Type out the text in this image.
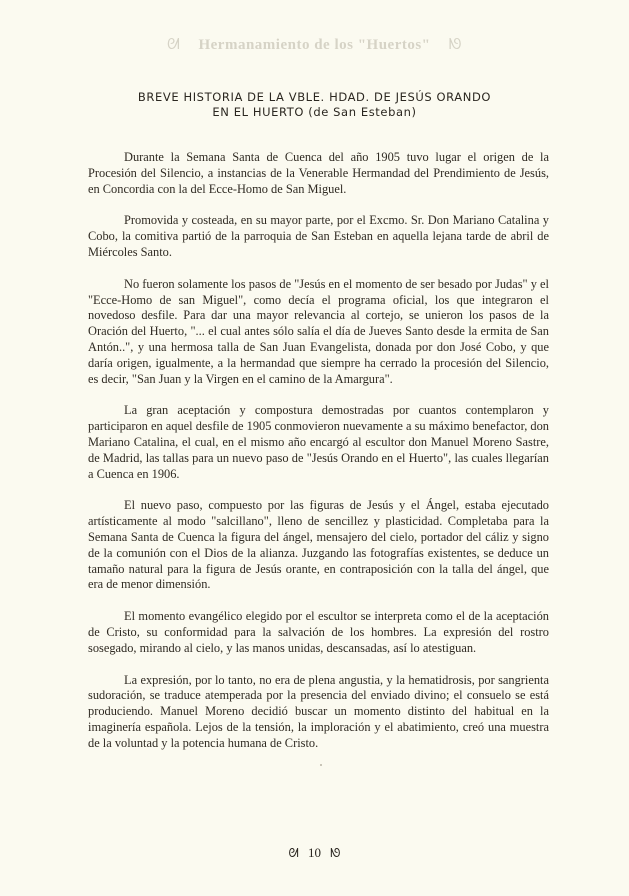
ᘛ Hermanamiento de los "Huertos" ᘚ
BREVE HISTORIA DE LA VBLE. HDAD. DE JESÚS ORANDO
EN EL HUERTO (de San Esteban)

Durante la Semana Santa de Cuenca del año 1905 tuvo lugar el origen de la Procesión del Silencio, a instancias de la Venerable Hermandad del Prendimiento de Jesús, en Concordia con la del Ecce-Homo de San Miguel.

Promovida y costeada, en su mayor parte, por el Excmo. Sr. Don Mariano Catalina y Cobo, la comitiva partió de la parroquia de San Esteban en aquella lejana tarde de abril de Miércoles Santo.

No fueron solamente los pasos de "Jesús en el momento de ser besado por Judas" y el "Ecce-Homo de san Miguel", como decía el programa oficial, los que integraron el novedoso desfile. Para dar una mayor relevancia al cortejo, se unieron los pasos de la Oración del Huerto, "... el cual antes sólo salía el día de Jueves Santo desde la ermita de San Antón..", y una hermosa talla de San Juan Evangelista, donada por don José Cobo, y que daría origen, igualmente, a la hermandad que siempre ha cerrado la procesión del Silencio, es decir, "San Juan y la Virgen en el camino de la Amargura".

La gran aceptación y compostura demostradas por cuantos contemplaron y participaron en aquel desfile de 1905 conmovieron nuevamente a su máximo benefactor, don Mariano Catalina, el cual, en el mismo año encargó al escultor don Manuel Moreno Sastre, de Madrid, las tallas para un nuevo paso de "Jesús Orando en el Huerto", las cuales llegarían a Cuenca en 1906.

El nuevo paso, compuesto por las figuras de Jesús y el Ángel, estaba ejecutado artísticamente al modo "salcillano", lleno de sencillez y plasticidad. Completaba para la Semana Santa de Cuenca la figura del ángel, mensajero del cielo, portador del cáliz y signo de la comunión con el Dios de la alianza. Juzgando las fotografías existentes, se deduce un tamaño natural para la figura de Jesús orante, en contraposición con la talla del ángel, que era de menor dimensión.

El momento evangélico elegido por el escultor se interpreta como el de la aceptación de Cristo, su conformidad para la salvación de los hombres. La expresión del rostro sosegado, mirando al cielo, y las manos unidas, descansadas, así lo atestiguan.

La expresión, por lo tanto, no era de plena angustia, y la hematidrosis, por sangrienta sudoración, se traduce atemperada por la presencia del enviado divino; el consuelo se está produciendo. Manuel Moreno decidió buscar un momento distinto del habitual en la imaginería española. Lejos de la tensión, la imploración y el abatimiento, creó una muestra de la voluntad y la potencia humana de Cristo.

ᘛ 10 ᘚ
